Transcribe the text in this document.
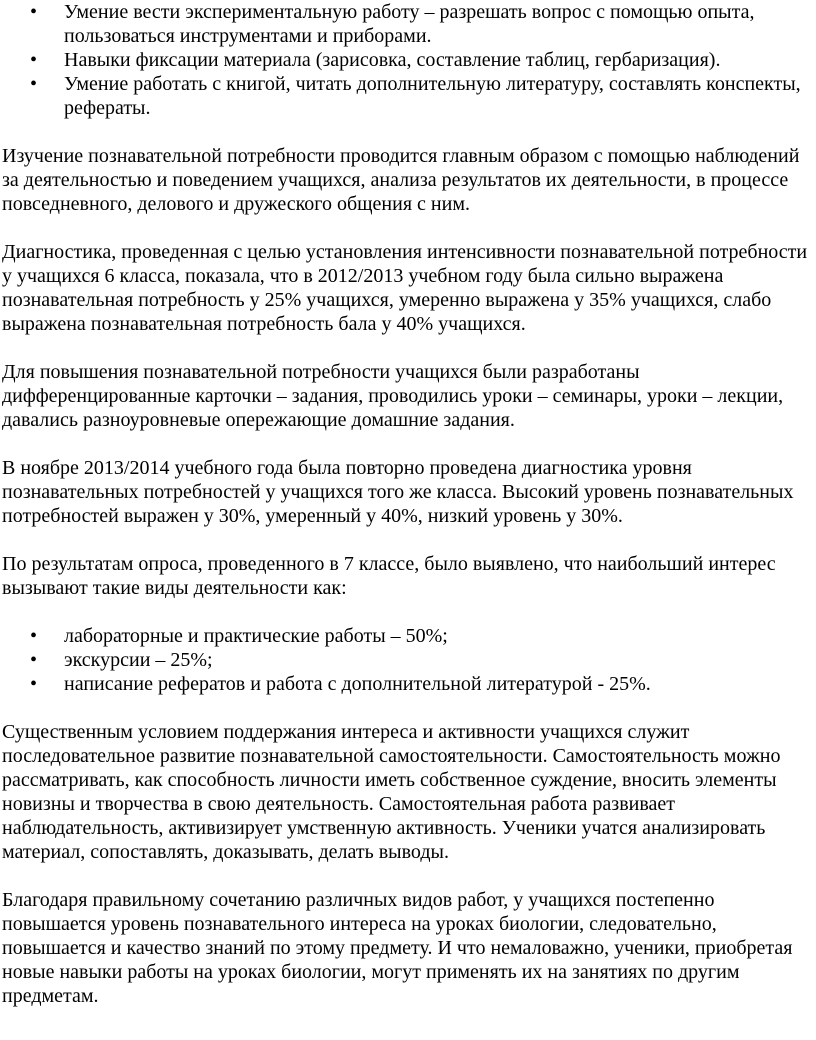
• Умение вести экспериментальную работу – разрешать вопрос с помощью опыта, пользоваться инструментами и приборами.
• Навыки фиксации материала (зарисовка, составление таблиц, гербаризация).
• Умение работать с книгой, читать дополнительную литературу, составлять конспекты, рефераты.

Изучение познавательной потребности проводится главным образом с помощью наблюдений за деятельностью и поведением учащихся, анализа результатов их деятельности, в процессе повседневного, делового и дружеского общения с ним.

Диагностика, проведенная с целью установления интенсивности познавательной потребности у учащихся 6 класса, показала, что в 2012/2013 учебном году была сильно выражена познавательная потребность у 25% учащихся, умеренно выражена у 35% учащихся, слабо выражена познавательная потребность бала у 40% учащихся.

Для повышения познавательной потребности учащихся были разработаны дифференцированные карточки – задания, проводились уроки – семинары, уроки – лекции, давались разноуровневые опережающие домашние задания.

В ноябре 2013/2014 учебного года была повторно проведена диагностика уровня познавательных потребностей у учащихся того же класса. Высокий уровень познавательных потребностей выражен у 30%, умеренный у 40%, низкий уровень у 30%.

По результатам опроса, проведенного в 7 классе, было выявлено, что наибольший интерес вызывают такие виды деятельности как:

• лабораторные и практические работы – 50%;
• экскурсии – 25%;
• написание рефератов и работа с дополнительной литературой - 25%.

Существенным условием поддержания интереса и активности учащихся служит последовательное развитие познавательной самостоятельности. Самостоятельность можно рассматривать, как способность личности иметь собственное суждение, вносить элементы новизны и творчества в свою деятельность. Самостоятельная работа развивает наблюдательность, активизирует умственную активность. Ученики учатся анализировать материал, сопоставлять, доказывать, делать выводы.

Благодаря правильному сочетанию различных видов работ, у учащихся постепенно повышается уровень познавательного интереса на уроках биологии, следовательно, повышается и качество знаний по этому предмету. И что немаловажно, ученики, приобретая новые навыки работы на уроках биологии, могут применять их на занятиях по другим предметам.
